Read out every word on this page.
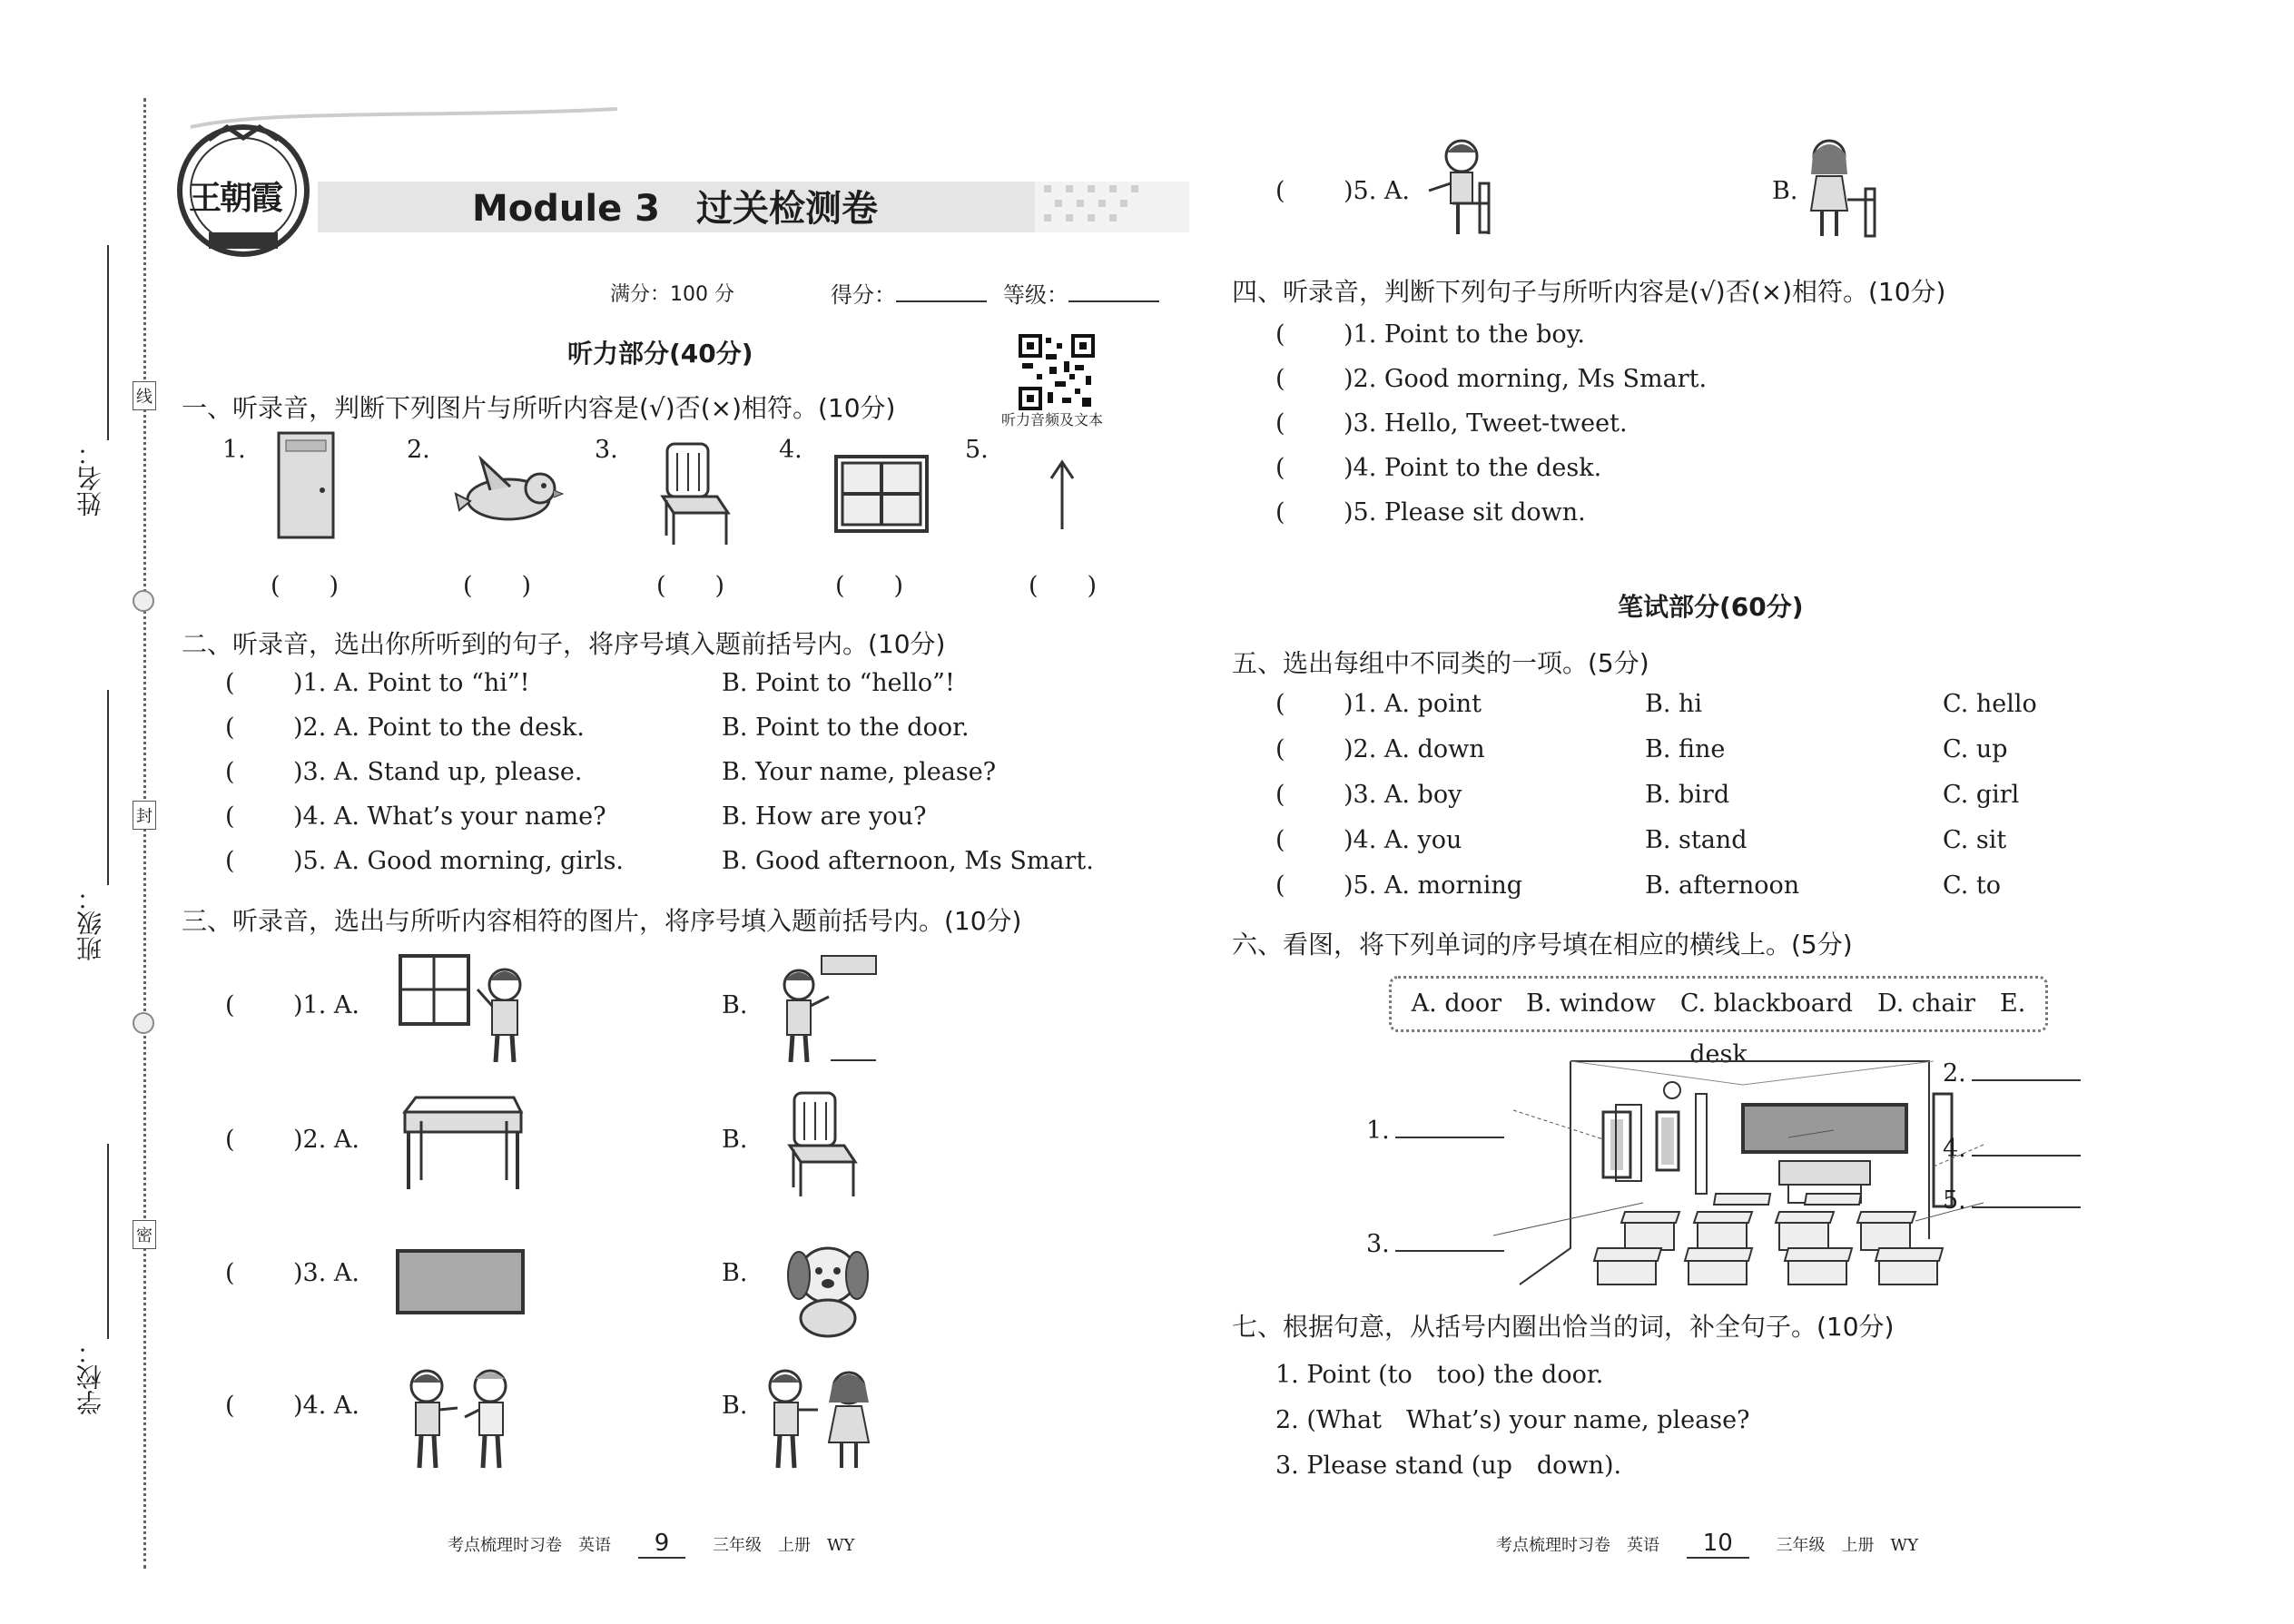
线
封
密
姓名：
班级：
学校：
王朝霞	Module 3　过关检测卷
满分：100 分	得分：	等级：
听力音频及文本
听力部分(40分)
一、听录音，判断下列图片与所听内容是(√)否(×)相符。(10分)
1.	2.	3.	4.	5.
(　　)	(　　)	(　　)	(　　)	(　　)
二、听录音，选出你所听到的句子，将序号填入题前括号内。(10分)
( )1. A. Point to “hi”!	B. Point to “hello”!
( )2. A. Point to the desk.	B. Point to the door.
( )3. A. Stand up, please.	B. Your name, please?
( )4. A. What’s your name?	B. How are you?
( )5. A. Good morning, girls.	B. Good afternoon, Ms Smart.
三、听录音，选出与所听内容相符的图片，将序号填入题前括号内。(10分)
( )1. A.	B.
( )2. A.	B.
( )3. A.	B.
( )4. A.	B.
考点梳理时习卷　英语 9	三年级　上册　WY
( )5. A.	B.
四、听录音，判断下列句子与所听内容是(√)否(×)相符。(10分)
( )1. Point to the boy.
( )2. Good morning, Ms Smart.
( )3. Hello, Tweet-tweet.
( )4. Point to the desk.
( )5. Please sit down.
笔试部分(60分)
五、选出每组中不同类的一项。(5分)
( )1. A. point	B. hi	C. hello
( )2. A. down	B. fine	C. up
( )3. A. boy	B. bird	C. girl
( )4. A. you	B. stand	C. sit
( )5. A. morning	B. afternoon	C. to
六、看图，将下列单词的序号填在相应的横线上。(5分)
A. door　B. window　C. blackboard　D. chair　E. desk
1.
2.
3.
4.
5.
七、根据句意，从括号内圈出恰当的词，补全句子。(10分)
1. Point (to　too) the door.
2. (What　What’s) your name, please?
3. Please stand (up　down).
考点梳理时习卷　英语 10	三年级　上册　WY
